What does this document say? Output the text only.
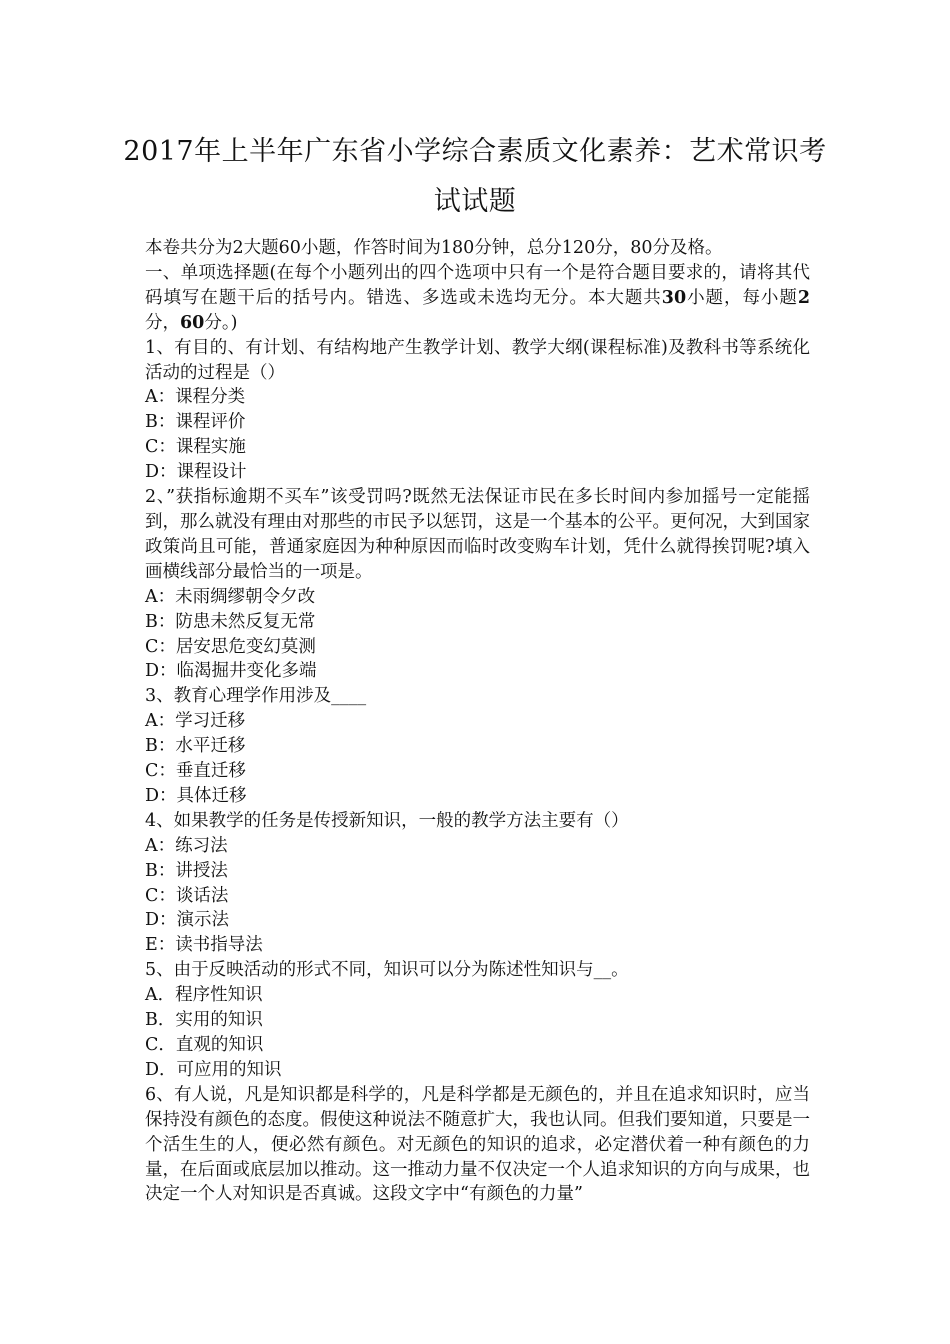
2017年上半年广东省小学综合素质文化素养：艺术常识考
试试题

本卷共分为2大题60小题，作答时间为180分钟，总分120分，80分及格。

一、单项选择题(在每个小题列出的四个选项中只有一个是符合题目要求的，请将其代码填写在题干后的括号内。错选、多选或未选均无分。本大题共30小题，每小题2分，60分。)

1、有目的、有计划、有结构地产生教学计划、教学大纲(课程标准)及教科书等系统化活动的过程是（）

A：课程分类

B：课程评价

C：课程实施

D：课程设计

2、”获指标逾期不买车”该受罚吗?既然无法保证市民在多长时间内参加摇号一定能摇到，那么就没有理由对那些的市民予以惩罚，这是一个基本的公平。更何况，大到国家政策尚且可能，普通家庭因为种种原因而临时改变购车计划，凭什么就得挨罚呢?填入画横线部分最恰当的一项是。

A：未雨绸缪朝令夕改

B：防患未然反复无常

C：居安思危变幻莫测

D：临渴掘井变化多端

3、教育心理学作用涉及____

A：学习迁移

B：水平迁移

C：垂直迁移

D：具体迁移

4、如果教学的任务是传授新知识，一般的教学方法主要有（）

A：练习法

B：讲授法

C：谈话法

D：演示法

E：读书指导法

5、由于反映活动的形式不同，知识可以分为陈述性知识与__。

A．程序性知识

B．实用的知识

C．直观的知识

D．可应用的知识

6、有人说，凡是知识都是科学的，凡是科学都是无颜色的，并且在追求知识时，应当保持没有颜色的态度。假使这种说法不随意扩大，我也认同。但我们要知道，只要是一个活生生的人，便必然有颜色。对无颜色的知识的追求，必定潜伏着一种有颜色的力量，在后面或底层加以推动。这一推动力量不仅决定一个人追求知识的方向与成果，也决定一个人对知识是否真诚。这段文字中“有颜色的力量”
